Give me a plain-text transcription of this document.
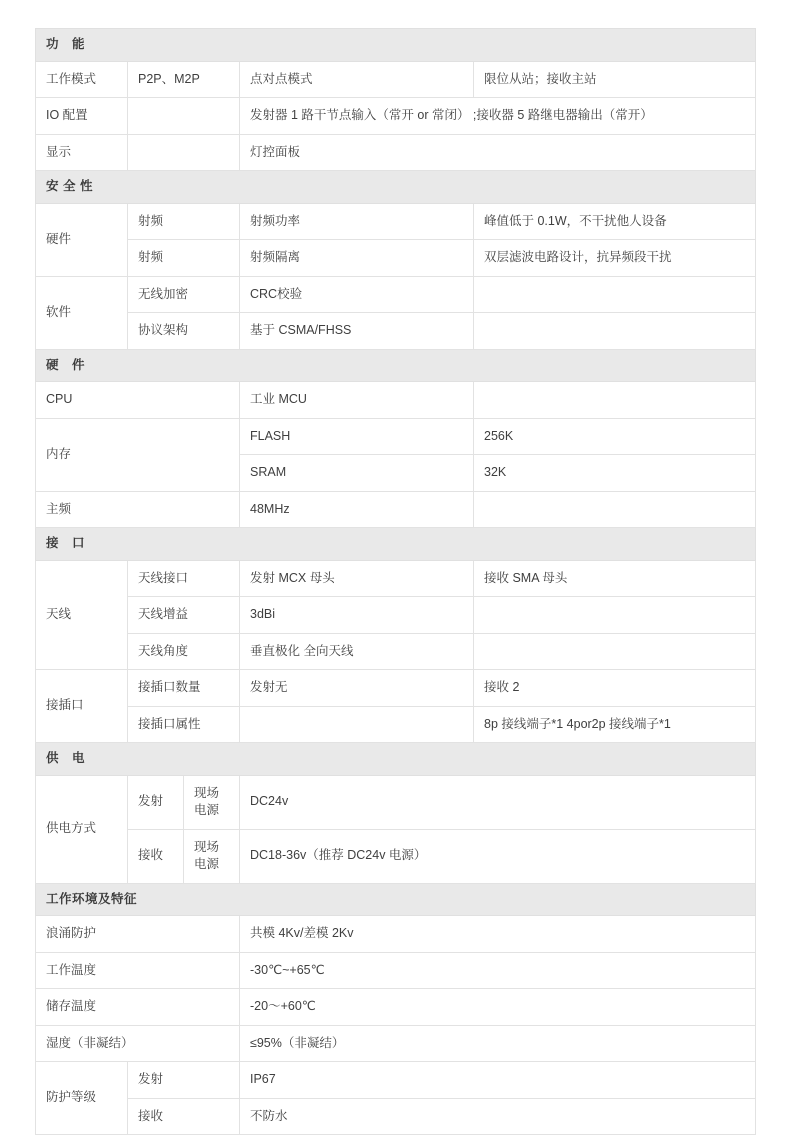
功　能				
工作模式	P2P、M2P		点对点模式	限位从站；接收主站
IO 配置			发射器 1 路干节点输入（常开 or 常闭） ;接收器 5 路继电器输出（常开）	
显示			灯控面板	
安 全 性				
硬件	射频		射频功率	峰值低于 0.1W，不干扰他人设备
	射频		射频隔离	双层滤波电路设计，抗异频段干扰
软件	无线加密		CRC校验	
	协议架构		基于 CSMA/FHSS	
硬　件				
CPU			工业 MCU	
内存			FLASH	256K
			SRAM	32K
主频			48MHz	
接　口				
天线	天线接口		发射 MCX 母头	接收 SMA 母头
	天线增益		3dBi	
	天线角度		垂直极化 全向天线	
接插口	接插口数量		发射无	接收 2
	接插口属性			8p 接线端子*1 4por2p 接线端子*1
供　电				
供电方式	发射	现场电源	DC24v	
	接收	现场电源	DC18-36v（推荐 DC24v 电源）	
工作环境及特征				
浪涌防护			共模 4Kv/差模 2Kv	
工作温度			-30℃~+65℃	
储存温度			-20～+60℃	
湿度（非凝结）			≤95%（非凝结）	
防护等级	发射		IP67	
	接收		不防水	
